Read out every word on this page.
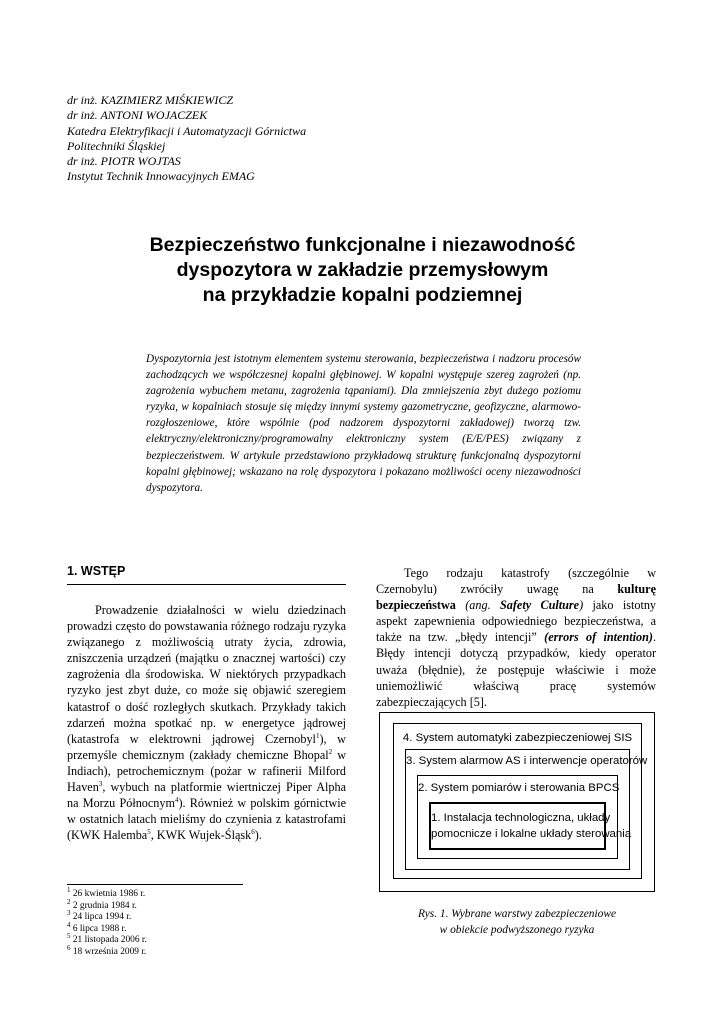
dr inż. KAZIMIERZ MIŚKIEWICZ
dr inż. ANTONI WOJACZEK
Katedra Elektryfikacji i Automatyzacji Górnictwa
Politechniki Śląskiej
dr inż. PIOTR WOJTAS
Instytut Technik Innowacyjnych EMAG
Bezpieczeństwo funkcjonalne i niezawodność
dyspozytora w zakładzie przemysłowym
na przykładzie kopalni podziemnej
Dyspozytornia jest istotnym elementem systemu sterowania, bezpieczeństwa i nadzoru procesów zachodzących we współczesnej kopalni głębinowej. W kopalni występuje szereg zagrożeń (np. zagrożenia wybuchem metanu, zagrożenia tąpaniami). Dla zmniejszenia zbyt dużego poziomu ryzyka, w kopalniach stosuje się między innymi systemy gazometryczne, geofizyczne, alarmowo-rozgłoszeniowe, które wspólnie (pod nadzorem dyspozytorni zakładowej) tworzą tzw. elektryczny/elektroniczny/programowalny elektroniczny system (E/E/PES) związany z bezpieczeństwem. W artykule przedstawiono przykładową strukturę funkcjonalną dyspozytorni kopalni głębinowej; wskazano na rolę dyspozytora i pokazano możliwości oceny niezawodności dyspozytora.
1. WSTĘP
Prowadzenie działalności w wielu dziedzinach prowadzi często do powstawania różnego rodzaju ryzyka związanego z możliwością utraty życia, zdrowia, zniszczenia urządzeń (majątku o znacznej wartości) czy zagrożenia dla środowiska. W niektórych przypadkach ryzyko jest zbyt duże, co może się objawić szeregiem katastrof o dość rozległych skutkach. Przykłady takich zdarzeń można spotkać np. w energetyce jądrowej (katastrofa w elektrowni jądrowej Czernobyl$^1$), w przemyśle chemicznym (zakłady chemiczne Bhopal$^2$ w Indiach), petrochemicznym (pożar w rafinerii Milford Haven$^3$, wybuch na platformie wiertniczej Piper Alpha na Morzu Północnym$^4$). Również w polskim górnictwie w ostatnich latach mieliśmy do czynienia z katastrofami (KWK Halemba$^5$, KWK Wujek-Śląsk$^6$).
Tego rodzaju katastrofy (szczególnie w Czernobylu) zwróciły uwagę na kulturę bezpieczeństwa (ang. Safety Culture) jako istotny aspekt zapewnienia odpowiedniego bezpieczeństwa, a także na tzw. „błędy intencji” (errors of intention). Błędy intencji dotyczą przypadków, kiedy operator uważa (błędnie), że postępuje właściwie i może uniemożliwić właściwą pracę systemów zabezpieczających [5].
$^1$ 26 kwietnia 1986 r.
$^2$ 2 grudnia 1984 r.
$^3$ 24 lipca 1994 r.
$^4$ 6 lipca 1988 r.
$^5$ 21 listopada 2006 r.
$^6$ 18 września 2009 r.
4. System automatyki zabezpieczeniowej SIS
3. System alarmow AS i interwencje operatorów
2. System pomiarów i sterowania BPCS
1. Instalacja technologiczna, układy
pomocnicze i lokalne układy sterowania
Rys. 1. Wybrane warstwy zabezpieczeniowe
w obiekcie podwyższonego ryzyka
